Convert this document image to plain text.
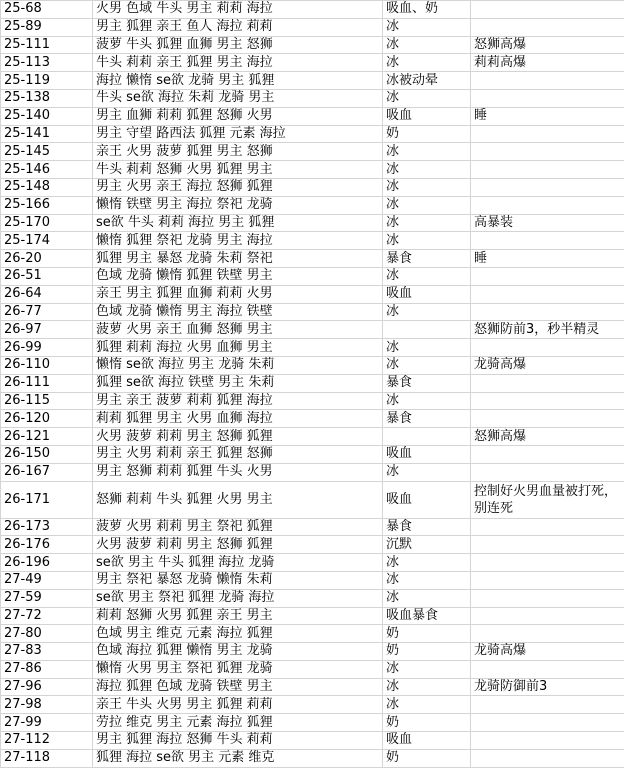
25-68	火男 色域 牛头 男主 莉莉 海拉	吸血、奶	
25-89	男主 狐狸 亲王 鱼人 海拉 莉莉	冰	
25-111	菠萝 牛头 狐狸 血狮 男主 怒狮	冰	怒狮高爆
25-113	牛头 莉莉 亲王 狐狸 男主 海拉	冰	莉莉高爆
25-119	海拉 懒惰 se欲 龙骑 男主 狐狸	冰被动晕	
25-138	牛头 se欲 海拉 朱莉 龙骑 男主	冰	
25-140	男主 血狮 莉莉 狐狸 怒狮 火男	吸血	睡
25-141	男主 守望 路西法 狐狸 元素 海拉	奶	
25-145	亲王 火男 菠萝 狐狸 男主 怒狮	冰	
25-146	牛头 莉莉 怒狮 火男 狐狸 男主	冰	
25-148	男主 火男 亲王 海拉 怒狮 狐狸	冰	
25-166	懒惰 铁壁 男主 海拉 祭祀 龙骑	冰	
25-170	se欲 牛头 莉莉 海拉 男主 狐狸	冰	高暴装
25-174	懒惰 狐狸 祭祀 龙骑 男主 海拉	冰	
26-20	狐狸 男主 暴怒 龙骑 朱莉 祭祀	暴食	睡
26-51	色域 龙骑 懒惰 狐狸 铁壁 男主	冰	
26-64	亲王 男主 狐狸 血狮 莉莉 火男	吸血	
26-77	色域 龙骑 懒惰 男主 海拉 铁壁	冰	
26-97	菠萝 火男 亲王 血狮 怒狮 男主		怒狮防前3，秒半精灵
26-99	狐狸 莉莉 海拉 火男 血狮 男主	冰	
26-110	懒惰 se欲 海拉 男主 龙骑 朱莉	冰	龙骑高爆
26-111	狐狸 se欲 海拉 铁壁 男主 朱莉	暴食	
26-115	男主 亲王 菠萝 莉莉 狐狸 海拉	冰	
26-120	莉莉 狐狸 男主 火男 血狮 海拉	暴食	
26-121	火男 菠萝 莉莉 男主 怒狮 狐狸		怒狮高爆
26-150	男主 火男 莉莉 亲王 狐狸 怒狮	吸血	
26-167	男主 怒狮 莉莉 狐狸 牛头 火男	冰	
26-171	怒狮 莉莉 牛头 狐狸 火男 男主	吸血	控制好火男血量被打死，别连死
26-173	菠萝 火男 莉莉 男主 祭祀 狐狸	暴食	
26-176	火男 菠萝 莉莉 男主 怒狮 狐狸	沉默	
26-196	se欲 男主 牛头 狐狸 海拉 龙骑	冰	
27-49	男主 祭祀 暴怒 龙骑 懒惰 朱莉	冰	
27-59	se欲 男主 祭祀 狐狸 龙骑 海拉	冰	
27-72	莉莉 怒狮 火男 狐狸 亲王 男主	吸血暴食	
27-80	色域 男主 维克 元素 海拉 狐狸	奶	
27-83	色域 海拉 狐狸 懒惰 男主 龙骑	奶	龙骑高爆
27-86	懒惰 火男 男主 祭祀 狐狸 龙骑	冰	
27-96	海拉 狐狸 色域 龙骑 铁壁 男主	冰	龙骑防御前3
27-98	亲王 牛头 火男 男主 狐狸 莉莉	冰	
27-99	劳拉 维克 男主 元素 海拉 狐狸	奶	
27-112	男主 狐狸 海拉 怒狮 牛头 莉莉	吸血	
27-118	狐狸 海拉 se欲 男主 元素 维克	奶	
